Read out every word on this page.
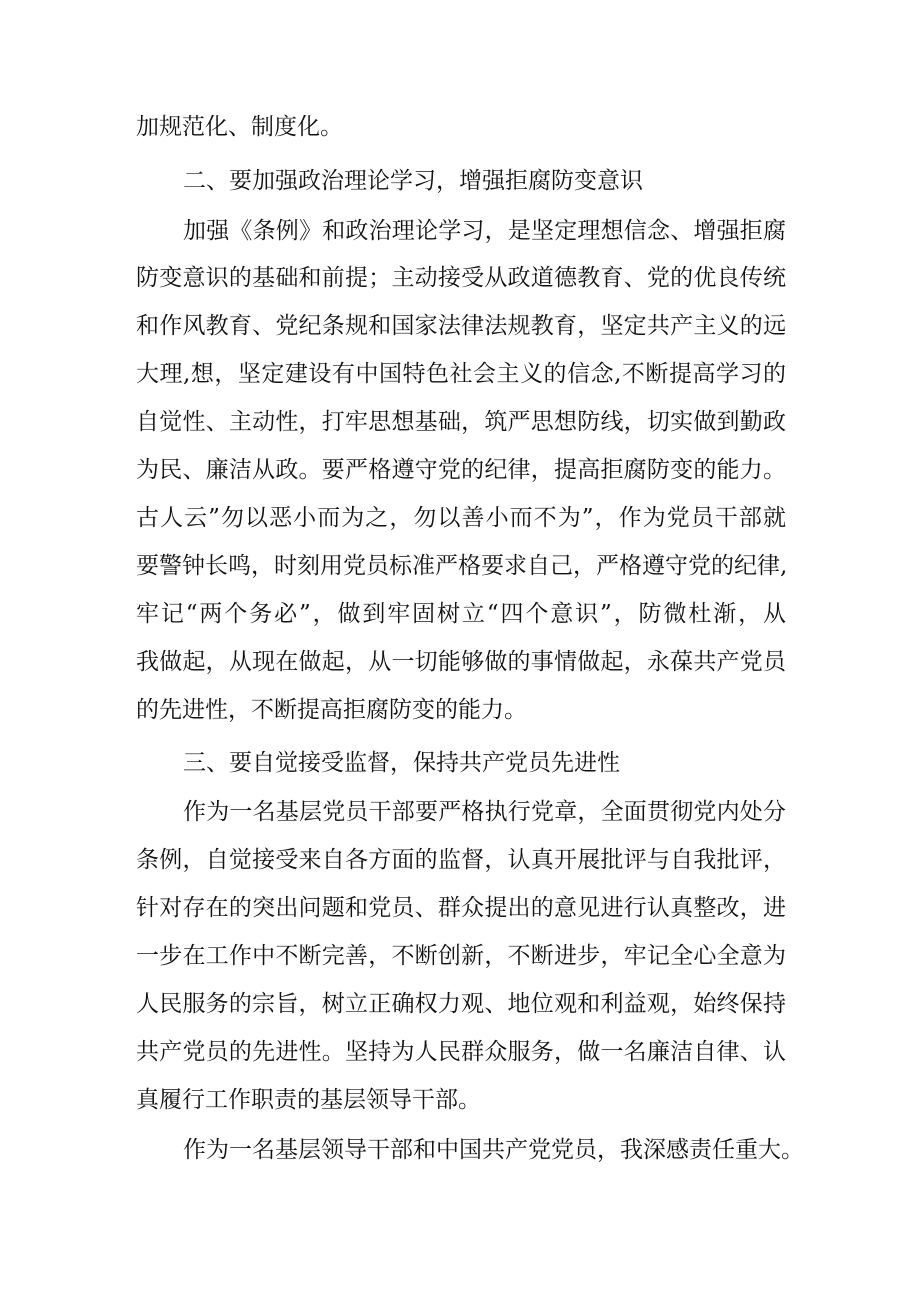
加规范化、制度化。
二、要加强政治理论学习，增强拒腐防变意识
加强《条例》和政治理论学习，是坚定理想信念、增强拒腐
防变意识的基础和前提；主动接受从政道德教育、党的优良传统
和作风教育、党纪条规和国家法律法规教育，坚定共产主义的远
大理,想，坚定建设有中国特色社会主义的信念,不断提高学习的
自觉性、主动性，打牢思想基础，筑严思想防线，切实做到勤政
为民、廉洁从政。要严格遵守党的纪律，提高拒腐防变的能力。
古人云”勿以恶小而为之，勿以善小而不为”，作为党员干部就
要警钟长鸣，时刻用党员标准严格要求自己，严格遵守党的纪律,
牢记“两个务必”，做到牢固树立“四个意识”，防微杜渐，从
我做起，从现在做起，从一切能够做的事情做起，永葆共产党员
的先进性，不断提高拒腐防变的能力。
三、要自觉接受监督，保持共产党员先进性
作为一名基层党员干部要严格执行党章，全面贯彻党内处分
条例，自觉接受来自各方面的监督，认真开展批评与自我批评，
针对存在的突出问题和党员、群众提出的意见进行认真整改，进
一步在工作中不断完善，不断创新，不断进步，牢记全心全意为
人民服务的宗旨，树立正确权力观、地位观和利益观，始终保持
共产党员的先进性。坚持为人民群众服务，做一名廉洁自律、认
真履行工作职责的基层领导干部。
作为一名基层领导干部和中国共产党党员，我深感责任重大。
